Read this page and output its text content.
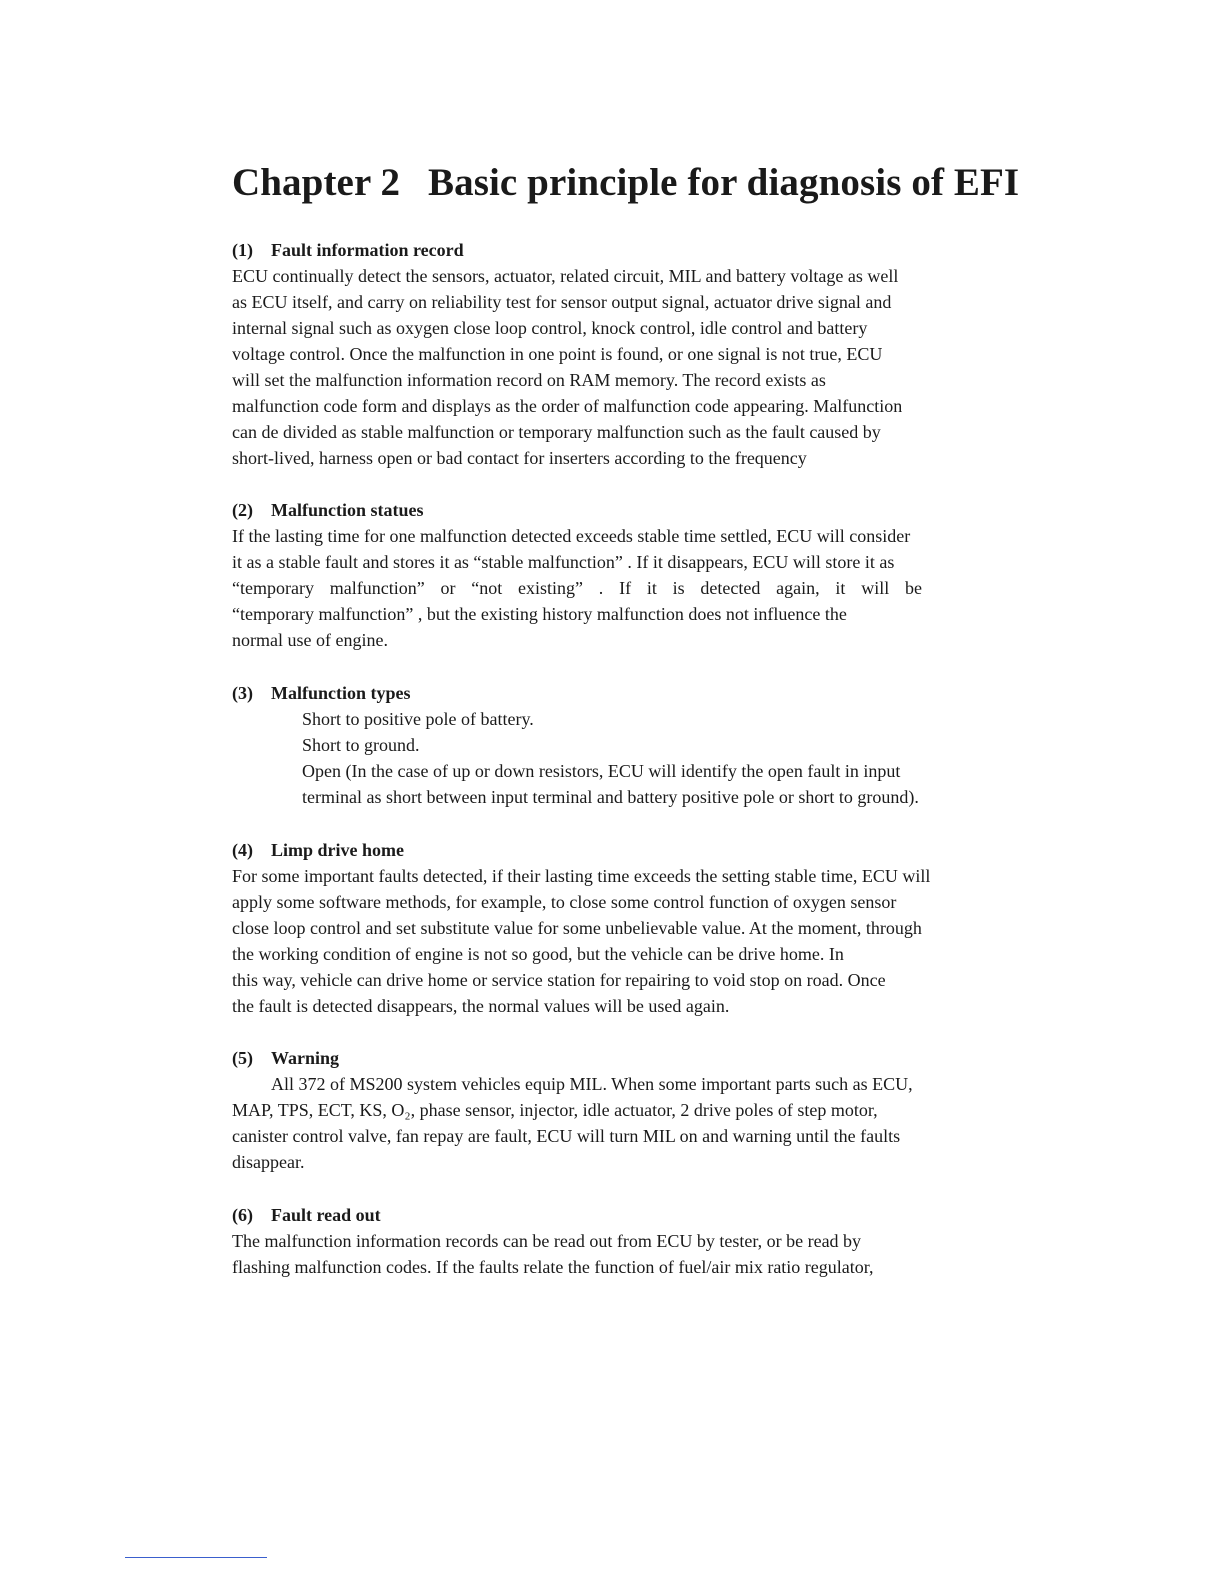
Chapter 2 Basic principle for diagnosis of EFI
(1) Fault information record
ECU continually detect the sensors, actuator, related circuit, MIL and battery voltage as well
as ECU itself, and carry on reliability test for sensor output signal, actuator drive signal and
internal signal such as oxygen close loop control, knock control, idle control and battery
voltage control. Once the malfunction in one point is found, or one signal is not true, ECU
will set the malfunction information record on RAM memory. The record exists as
malfunction code form and displays as the order of malfunction code appearing. Malfunction
can de divided as stable malfunction or temporary malfunction such as the fault caused by
short-lived, harness open or bad contact for inserters according to the frequency
(2) Malfunction statues
If the lasting time for one malfunction detected exceeds stable time settled, ECU will consider
it as a stable fault and stores it as “stable malfunction” . If it disappears, ECU will store it as
“temporary malfunction” or “not existing” . If it is detected again, it will be
“temporary malfunction” , but the existing history malfunction does not influence the
normal use of engine.
(3) Malfunction types
Short to positive pole of battery.
Short to ground.
Open (In the case of up or down resistors, ECU will identify the open fault in input
terminal as short between input terminal and battery positive pole or short to ground).
(4) Limp drive home
For some important faults detected, if their lasting time exceeds the setting stable time, ECU will
apply some software methods, for example, to close some control function of oxygen sensor
close loop control and set substitute value for some unbelievable value. At the moment, through
the working condition of engine is not so good, but the vehicle can be drive home. In
this way, vehicle can drive home or service station for repairing to void stop on road. Once
the fault is detected disappears, the normal values will be used again.
(5) Warning
All 372 of MS200 system vehicles equip MIL. When some important parts such as ECU,
MAP, TPS, ECT, KS, O₂, phase sensor, injector, idle actuator, 2 drive poles of step motor,
canister control valve, fan repay are fault, ECU will turn MIL on and warning until the faults
disappear.
(6) Fault read out
The malfunction information records can be read out from ECU by tester, or be read by
flashing malfunction codes. If the faults relate the function of fuel/air mix ratio regulator,
